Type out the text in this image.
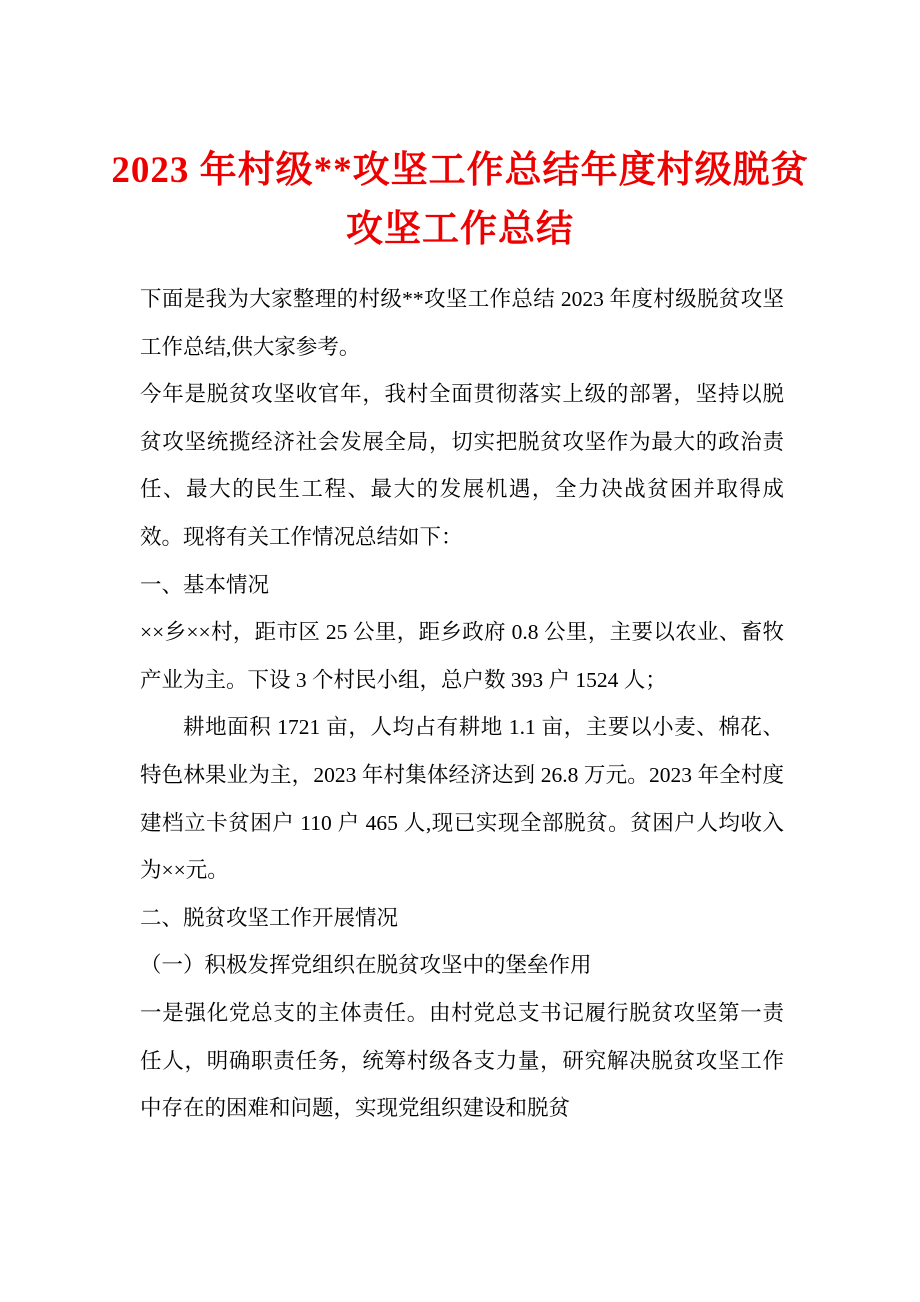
2023 年村级**攻坚工作总结年度村级脱贫
攻坚工作总结

下面是我为大家整理的村级**攻坚工作总结 2023 年度村级脱贫攻坚工作总结,供大家参考。

今年是脱贫攻坚收官年，我村全面贯彻落实上级的部署，坚持以脱贫攻坚统揽经济社会发展全局，切实把脱贫攻坚作为最大的政治责任、最大的民生工程、最大的发展机遇，全力决战贫困并取得成效。现将有关工作情况总结如下：

一、基本情况

××乡××村，距市区 25 公里，距乡政府 0.8 公里，主要以农业、畜牧产业为主。下设 3 个村民小组，总户数 393 户 1524 人；

耕地面积 1721 亩，人均占有耕地 1.1 亩，主要以小麦、棉花、特色林果业为主，2023 年村集体经济达到 26.8 万元。2023 年全村度建档立卡贫困户 110 户 465 人,现已实现全部脱贫。贫困户人均收入为××元。

二、脱贫攻坚工作开展情况

（一）积极发挥党组织在脱贫攻坚中的堡垒作用

一是强化党总支的主体责任。由村党总支书记履行脱贫攻坚第一责任人，明确职责任务，统筹村级各支力量，研究解决脱贫攻坚工作中存在的困难和问题，实现党组织建设和脱贫
